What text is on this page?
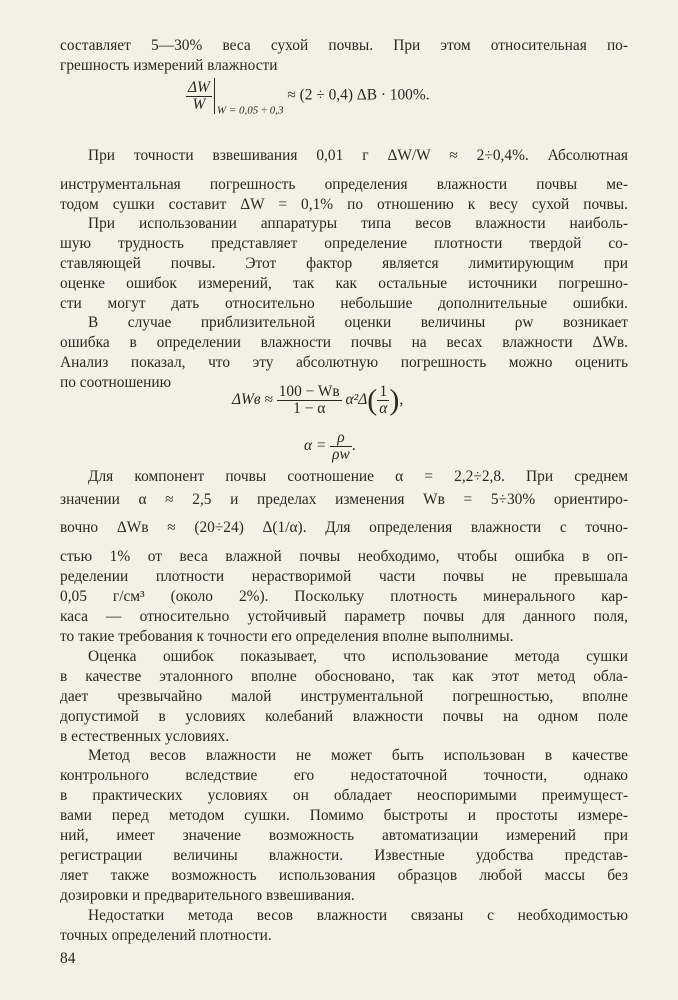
составляет 5—30% веса сухой почвы. При этом относительная по-
грешность измерений влажности
$\frac{\Delta W}{W} _{W = 0,05 \div 0,3} \approx (2 \div 0,4) \Delta B \cdot 100\%$.
При точности взвешивания 0,01 г ΔW/W ≈ 2÷0,4%. Абсолютная
инструментальная погрешность определения влажности почвы ме-
тодом сушки составит ΔW = 0,1% по отношению к весу сухой почвы.
При использовании аппаратуры типа весов влажности наиболь-
шую трудность представляет определение плотности твердой со-
ставляющей почвы. Этот фактор является лимитирующим при
оценке ошибок измерений, так как остальные источники погрешно-
сти могут дать относительно небольшие дополнительные ошибки.
В случае приблизительной оценки величины ρw возникает
ошибка в определении влажности почвы на весах влажности ΔWв.
Анализ показал, что эту абсолютную погрешность можно оценить
по соотношению
$\Delta Wв \approx \frac{100 - Wв}{1 - \alpha} \alpha^2\Delta( \frac{1}{\alpha}$ ),
$\alpha = \frac{\rho}{\rho w}$ .
Для компонент почвы соотношение α = 2,2÷2,8. При среднем
значении α ≈ 2,5 и пределах изменения Wв = 5÷30% ориентиро-
вочно ΔWв ≈ (20÷24) Δ(1/α). Для определения влажности с точно-
стью 1% от веса влажной почвы необходимо, чтобы ошибка в оп-
ределении плотности нерастворимой части почвы не превышала
0,05 г/см³ (около 2%). Поскольку плотность минерального кар-
каса — относительно устойчивый параметр почвы для данного поля,
то такие требования к точности его определения вполне выполнимы.
Оценка ошибок показывает, что использование метода сушки
в качестве эталонного вполне обосновано, так как этот метод обла-
дает чрезвычайно малой инструментальной погрешностью, вполне
допустимой в условиях колебаний влажности почвы на одном поле
в естественных условиях.
Метод весов влажности не может быть использован в качестве
контрольного вследствие его недостаточной точности, однако
в практических условиях он обладает неоспоримыми преимущест-
вами перед методом сушки. Помимо быстроты и простоты измере-
ний, имеет значение возможность автоматизации измерений при
регистрации величины влажности. Известные удобства представ-
ляет также возможность использования образцов любой массы без
дозировки и предварительного взвешивания.
Недостатки метода весов влажности связаны с необходимостью
точных определений плотности.
84
